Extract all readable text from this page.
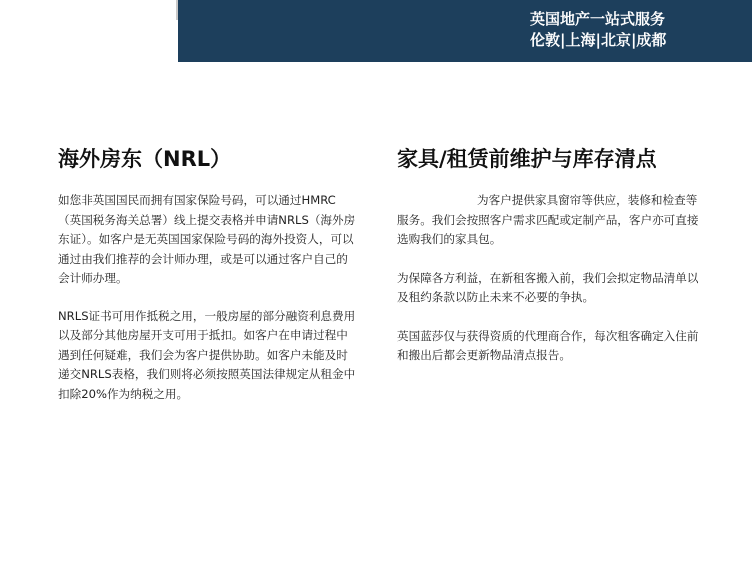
英国地产一站式服务
伦敦|上海|北京|成都
海外房东（NRL）

如您非英国国民而拥有国家保险号码，可以通过HMRC（英国税务海关总署）线上提交表格并申请NRLS（海外房东证）。如客户是无英国国家保险号码的海外投资人，可以通过由我们推荐的会计师办理，或是可以通过客户自己的会计师办理。

NRLS证书可用作抵税之用，一般房屋的部分融资利息费用以及部分其他房屋开支可用于抵扣。如客户在申请过程中遇到任何疑难，我们会为客户提供协助。如客户未能及时递交NRLS表格，我们则将必须按照英国法律规定从租金中扣除20%作为纳税之用。

家具/租赁前维护与库存清点

为客户提供家具窗帘等供应，装修和检查等服务。我们会按照客户需求匹配或定制产品，客户亦可直接选购我们的家具包。

为保障各方利益，在新租客搬入前，我们会拟定物品清单以及租约条款以防止未来不必要的争执。

英国蓝莎仅与获得资质的代理商合作，每次租客确定入住前和搬出后都会更新物品清点报告。
